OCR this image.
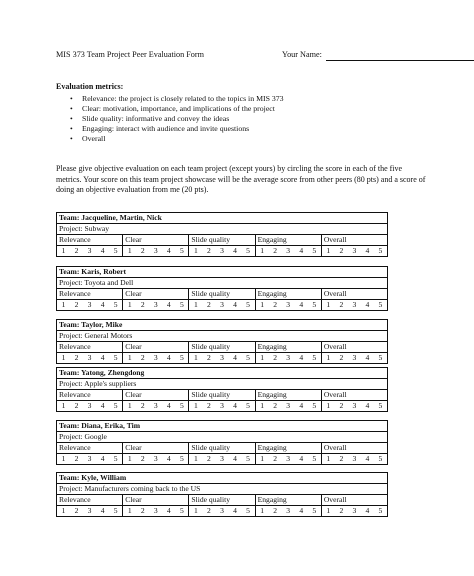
MIS 373 Team Project Peer Evaluation Form	Your Name:
Evaluation metrics:
• Relevance: the project is closely related to the topics in MIS 373
• Clear: motivation, importance, and implications of the project
• Slide quality: informative and convey the ideas
• Engaging: interact with audience and invite questions
• Overall
Please give objective evaluation on each team project (except yours) by circling the score in each of the five metrics. Your score on this team project showcase will be the average score from other peers (80 pts) and a score of doing an objective evaluation from me (20 pts).
Team: Jacqueline, Martin, Nick
Project: Subway
Relevance	Clear	Slide quality	Engaging	Overall
1 2 3 4 5 1 2 3 4 5 1 2 3 4 5 1 2 3 4 5 1 2 3 4 5
Team: Karis, Robert
Project: Toyota and Dell
Relevance	Clear	Slide quality	Engaging	Overall
1 2 3 4 5 1 2 3 4 5 1 2 3 4 5 1 2 3 4 5 1 2 3 4 5
Team: Taylor, Mike
Project: General Motors
Relevance	Clear	Slide quality	Engaging	Overall
1 2 3 4 5 1 2 3 4 5 1 2 3 4 5 1 2 3 4 5 1 2 3 4 5
Team: Yatong, Zhengdong
Project: Apple's suppliers
Relevance	Clear	Slide quality	Engaging	Overall
1 2 3 4 5 1 2 3 4 5 1 2 3 4 5 1 2 3 4 5 1 2 3 4 5
Team: Diana, Erika, Tim
Project: Google
Relevance	Clear	Slide quality	Engaging	Overall
1 2 3 4 5 1 2 3 4 5 1 2 3 4 5 1 2 3 4 5 1 2 3 4 5
Team: Kyle, William
Project: Manufacturers coming back to the US
Relevance	Clear	Slide quality	Engaging	Overall
1 2 3 4 5 1 2 3 4 5 1 2 3 4 5 1 2 3 4 5 1 2 3 4 5
